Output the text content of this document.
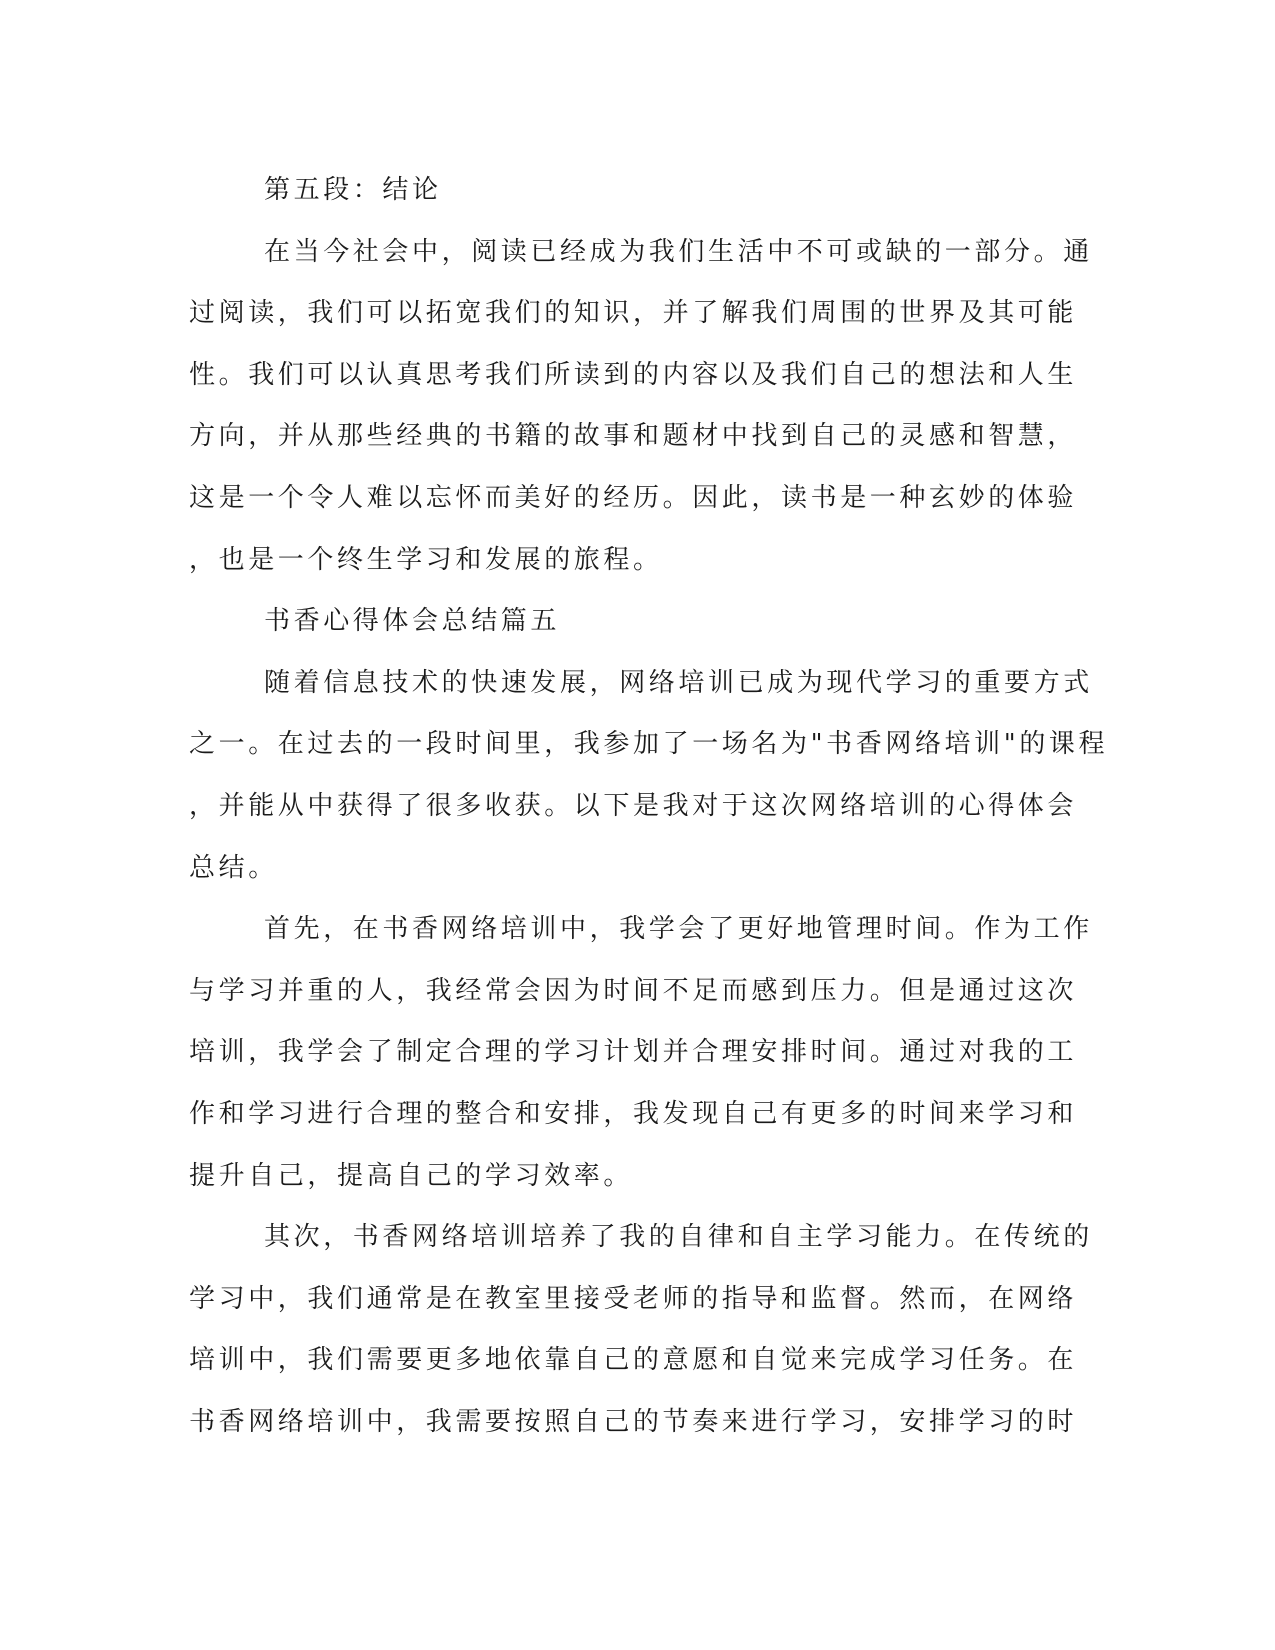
第五段：结论
在当今社会中，阅读已经成为我们生活中不可或缺的一部分。通
过阅读，我们可以拓宽我们的知识，并了解我们周围的世界及其可能
性。我们可以认真思考我们所读到的内容以及我们自己的想法和人生
方向，并从那些经典的书籍的故事和题材中找到自己的灵感和智慧，
这是一个令人难以忘怀而美好的经历。因此，读书是一种玄妙的体验
，也是一个终生学习和发展的旅程。
书香心得体会总结篇五
随着信息技术的快速发展，网络培训已成为现代学习的重要方式
之一。在过去的一段时间里，我参加了一场名为"书香网络培训"的课程
，并能从中获得了很多收获。以下是我对于这次网络培训的心得体会
总结。
首先，在书香网络培训中，我学会了更好地管理时间。作为工作
与学习并重的人，我经常会因为时间不足而感到压力。但是通过这次
培训，我学会了制定合理的学习计划并合理安排时间。通过对我的工
作和学习进行合理的整合和安排，我发现自己有更多的时间来学习和
提升自己，提高自己的学习效率。
其次，书香网络培训培养了我的自律和自主学习能力。在传统的
学习中，我们通常是在教室里接受老师的指导和监督。然而，在网络
培训中，我们需要更多地依靠自己的意愿和自觉来完成学习任务。在
书香网络培训中，我需要按照自己的节奏来进行学习，安排学习的时
